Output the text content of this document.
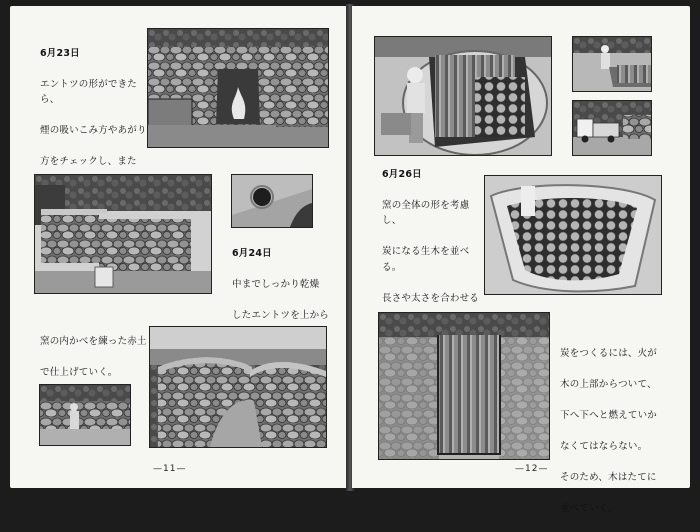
6月23日

エントツの形ができたら、

煙の吸いこみ方やあがり

方をチェックし、また

6月24日

中までしっかり乾燥

したエントツを上から

窯の内かべを練った赤土

で仕上げていく。

—11—

6月26日

窯の全体の形を考慮し、

炭になる生木を並べる。

長さや太さを合わせる

炭をつくるには、火が

木の上部からついて、

下へ下へと燃えていか

なくてはならない。

そのため、木はたてに

並べていく。

—12—
